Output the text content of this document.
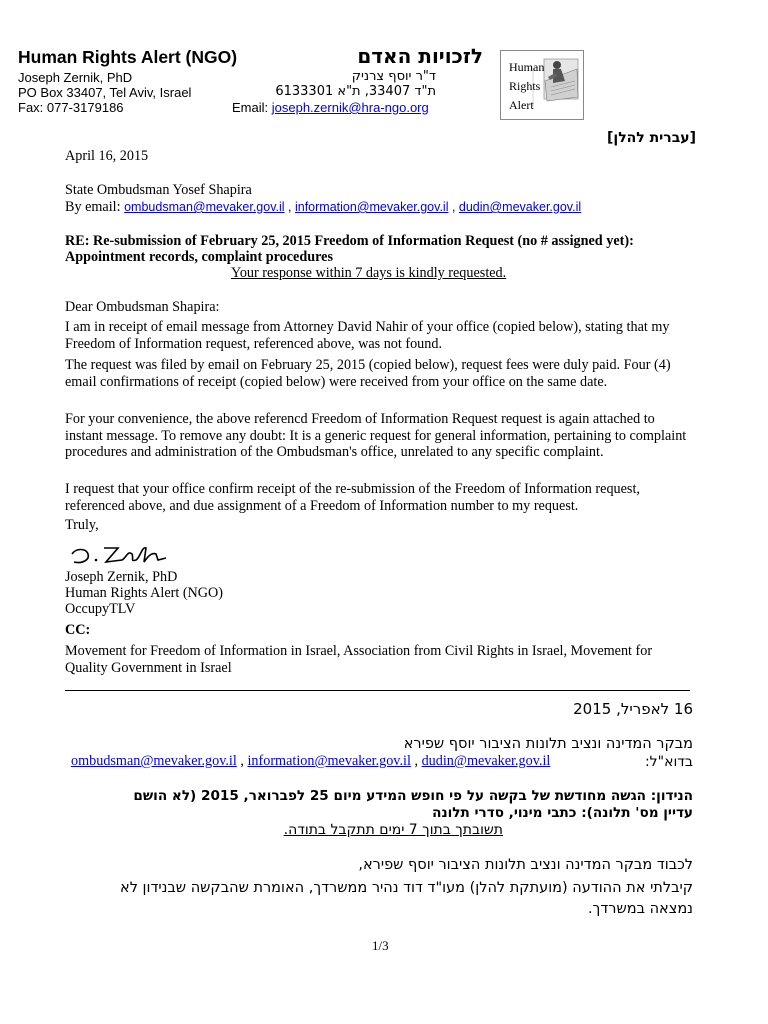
Human Rights Alert (NGO)	לזכויות האדם
Joseph Zernik, PhD
PO Box 33407, Tel Aviv, Israel
Fax: 077-3179186
ד"ר יוסף צרניק
ת"ד 33407, ת"א 6133301
Email: joseph.zernik@hra-ngo.org
Human
Rights
Alert
[עברית להלן]
April 16, 2015
State Ombudsman Yosef Shapira
By email: ombudsman@mevaker.gov.il , information@mevaker.gov.il , dudin@mevaker.gov.il
RE: Re-submission of February 25, 2015 Freedom of Information Request (no # assigned yet):
Appointment records, complaint procedures
Your response within 7 days is kindly requested.
Dear Ombudsman Shapira:
I am in receipt of email message from Attorney David Nahir of your office (copied below), stating that my Freedom of Information request, referenced above, was not found.
The request was filed by email on February 25, 2015 (copied below), request fees were duly paid. Four (4) email confirmations of receipt (copied below) were received from your office on the same date.
For your convenience, the above referencd Freedom of Information Request request is again attached to instant message. To remove any doubt: It is a generic request for general information, pertaining to complaint procedures and administration of the Ombudsman's office, unrelated to any specific complaint.
I request that your office confirm receipt of the re-submission of the Freedom of Information request, referenced above, and due assignment of a Freedom of Information number to my request.
Truly,
Joseph Zernik, PhD
Human Rights Alert (NGO)
OccupyTLV
CC:
Movement for Freedom of Information in Israel, Association from Civil Rights in Israel, Movement for Quality Government in Israel
16 לאפריל, 2015
מבקר המדינה ונציב תלונות הציבור יוסף שפירא
בדוא"ל:
ombudsman@mevaker.gov.il , information@mevaker.gov.il , dudin@mevaker.gov.il
הנידון: הגשה מחודשת של בקשה על פי חופש המידע מיום 25 לפברואר, 2015 (לא הושם
עדיין מס' תלונה): כתבי מינוי, סדרי תלונה
תשובתך בתוך 7 ימים תתקבל בתודה.
לכבוד מבקר המדינה ונציב תלונות הציבור יוסף שפירא,
קיבלתי את ההודעה (מועתקת להלן) מעו"ד דוד נהיר ממשרדך, האומרת שהבקשה שבנידון לא
נמצאה במשרדך.
1/3
